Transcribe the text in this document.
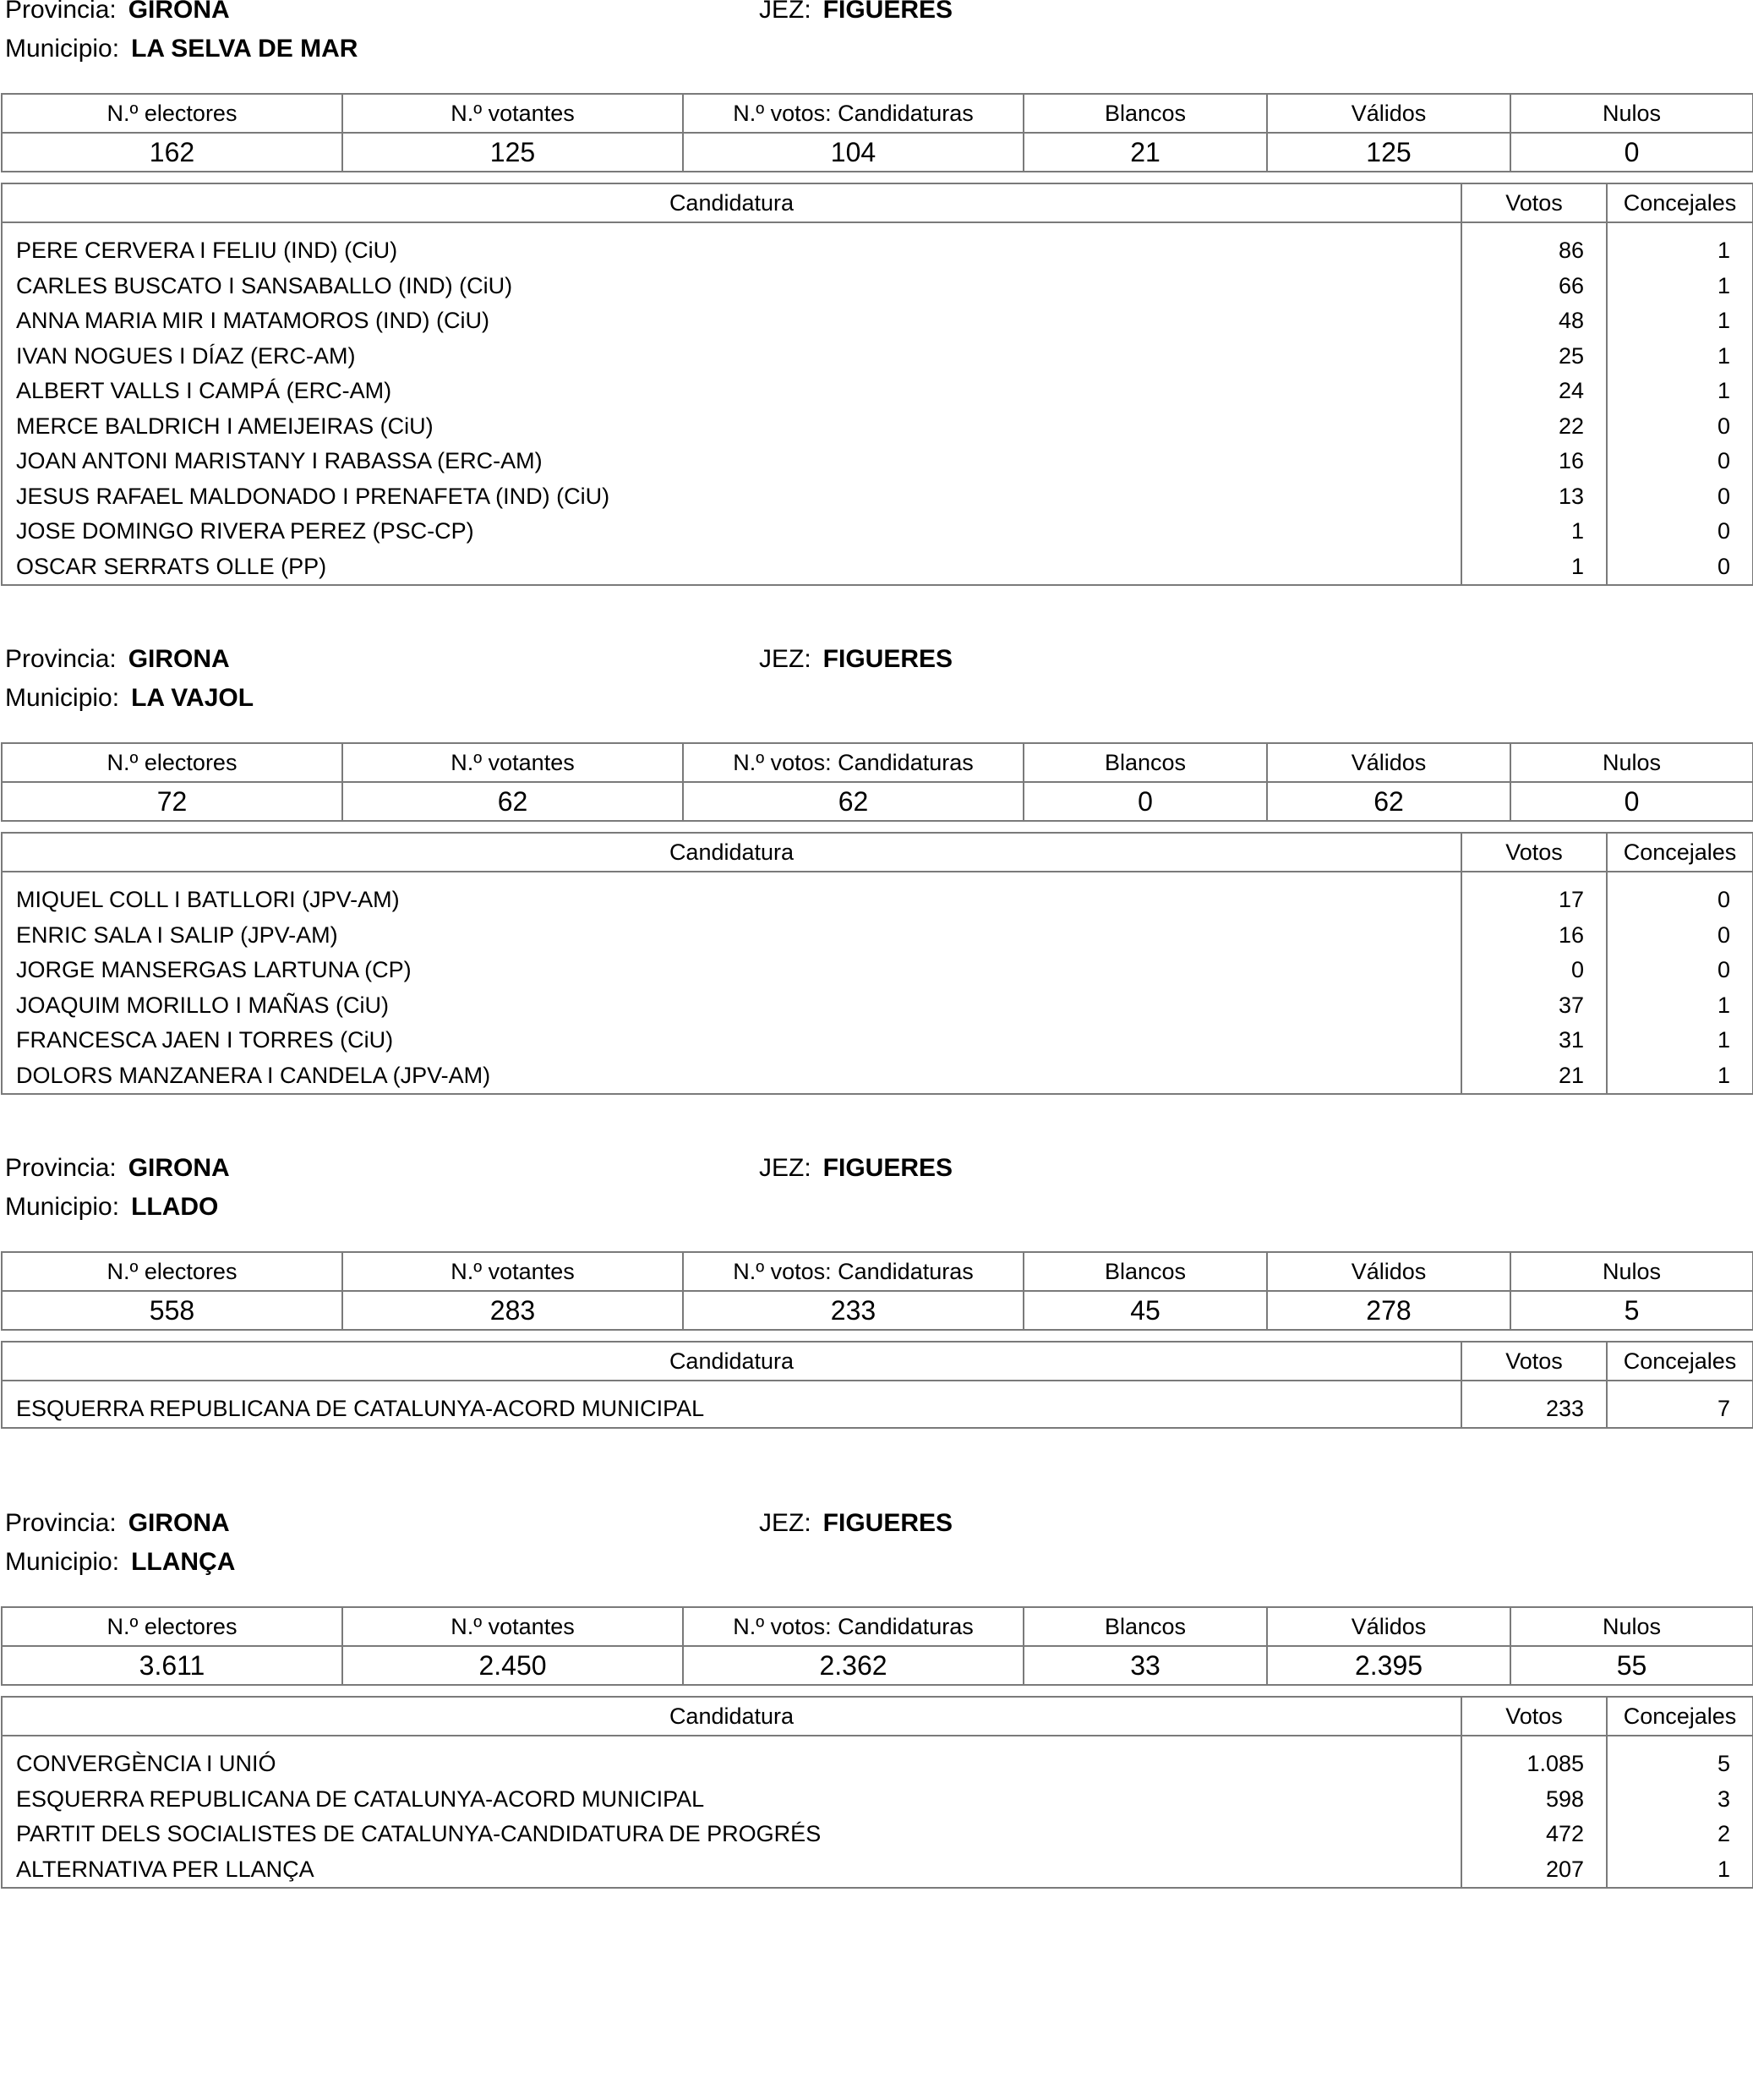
Provincia: GIRONA	JEZ: FIGUERES
Municipio: LA SELVA DE MAR
N.º electores	N.º votantes	N.º votos: Candidaturas	Blancos	Válidos	Nulos
162	125	104	21	125	0
Candidatura	Votos	Concejales
PERE CERVERA I FELIU (IND) (CiU)	86	1
CARLES BUSCATO I SANSABALLO (IND) (CiU)	66	1
ANNA MARIA MIR I MATAMOROS (IND) (CiU)	48	1
IVAN NOGUES I DÍAZ (ERC-AM)	25	1
ALBERT VALLS I CAMPÁ (ERC-AM)	24	1
MERCE BALDRICH I AMEIJEIRAS (CiU)	22	0
JOAN ANTONI MARISTANY I RABASSA (ERC-AM)	16	0
JESUS RAFAEL MALDONADO I PRENAFETA (IND) (CiU)	13	0
JOSE DOMINGO RIVERA PEREZ (PSC-CP)	1	0
OSCAR SERRATS OLLE (PP)	1	0
Provincia: GIRONA	JEZ: FIGUERES
Municipio: LA VAJOL
N.º electores	N.º votantes	N.º votos: Candidaturas	Blancos	Válidos	Nulos
72	62	62	0	62	0
Candidatura	Votos	Concejales
MIQUEL COLL I BATLLORI (JPV-AM)	17	0
ENRIC SALA I SALIP (JPV-AM)	16	0
JORGE MANSERGAS LARTUNA (CP)	0	0
JOAQUIM MORILLO I MAÑAS (CiU)	37	1
FRANCESCA JAEN I TORRES (CiU)	31	1
DOLORS MANZANERA I CANDELA (JPV-AM)	21	1
Provincia: GIRONA	JEZ: FIGUERES
Municipio: LLADO
N.º electores	N.º votantes	N.º votos: Candidaturas	Blancos	Válidos	Nulos
558	283	233	45	278	5
Candidatura	Votos	Concejales
ESQUERRA REPUBLICANA DE CATALUNYA-ACORD MUNICIPAL	233	7
Provincia: GIRONA	JEZ: FIGUERES
Municipio: LLANÇA
N.º electores	N.º votantes	N.º votos: Candidaturas	Blancos	Válidos	Nulos
3.611	2.450	2.362	33	2.395	55
Candidatura	Votos	Concejales
CONVERGÈNCIA I UNIÓ	1.085	5
ESQUERRA REPUBLICANA DE CATALUNYA-ACORD MUNICIPAL	598	3
PARTIT DELS SOCIALISTES DE CATALUNYA-CANDIDATURA DE PROGRÉS	472	2
ALTERNATIVA PER LLANÇA	207	1
